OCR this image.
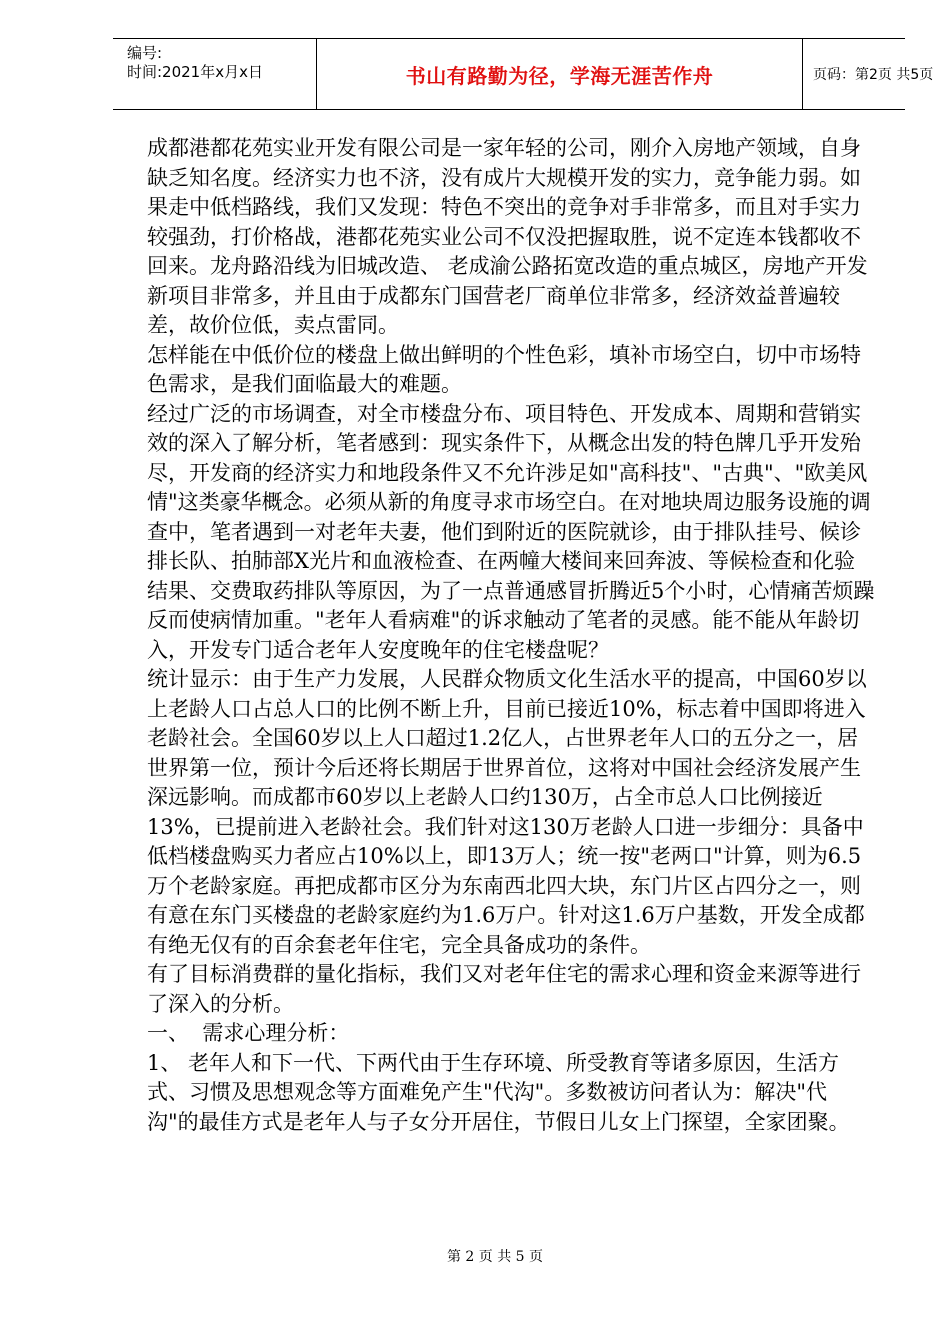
编号:
时间:2021年x月x日	书山有路勤为径，学海无涯苦作舟	页码：第2页 共5页

成都港都花苑实业开发有限公司是一家年轻的公司，刚介入房地产领域，自身缺乏知名度。经济实力也不济，没有成片大规模开发的实力，竞争能力弱。如果走中低档路线，我们又发现：特色不突出的竞争对手非常多，而且对手实力较强劲，打价格战，港都花苑实业公司不仅没把握取胜，说不定连本钱都收不回来。龙舟路沿线为旧城改造、 老成渝公路拓宽改造的重点城区，房地产开发新项目非常多，并且由于成都东门国营老厂商单位非常多，经济效益普遍较差，故价位低，卖点雷同。

怎样能在中低价位的楼盘上做出鲜明的个性色彩，填补市场空白，切中市场特色需求，是我们面临最大的难题。

经过广泛的市场调查，对全市楼盘分布、项目特色、开发成本、周期和营销实效的深入了解分析，笔者感到：现实条件下，从概念出发的特色牌几乎开发殆尽，开发商的经济实力和地段条件又不允许涉足如"高科技"、"古典"、"欧美风情"这类豪华概念。必须从新的角度寻求市场空白。在对地块周边服务设施的调查中，笔者遇到一对老年夫妻，他们到附近的医院就诊，由于排队挂号、候诊排长队、拍肺部X光片和血液检查、在两幢大楼间来回奔波、等候检查和化验结果、交费取药排队等原因，为了一点普通感冒折腾近5个小时，心情痛苦烦躁反而使病情加重。"老年人看病难"的诉求触动了笔者的灵感。能不能从年龄切入，开发专门适合老年人安度晚年的住宅楼盘呢？

统计显示：由于生产力发展，人民群众物质文化生活水平的提高，中国60岁以上老龄人口占总人口的比例不断上升，目前已接近10%，标志着中国即将进入老龄社会。全国60岁以上人口超过1.2亿人，占世界老年人口的五分之一，居世界第一位，预计今后还将长期居于世界首位，这将对中国社会经济发展产生深远影响。而成都市60岁以上老龄人口约130万，占全市总人口比例接近13%，已提前进入老龄社会。我们针对这130万老龄人口进一步细分：具备中低档楼盘购买力者应占10%以上，即13万人；统一按"老两口"计算，则为6.5万个老龄家庭。再把成都市区分为东南西北四大块，东门片区占四分之一，则有意在东门买楼盘的老龄家庭约为1.6万户。针对这1.6万户基数，开发全成都有绝无仅有的百余套老年住宅，完全具备成功的条件。

有了目标消费群的量化指标，我们又对老年住宅的需求心理和资金来源等进行了深入的分析。

一、  需求心理分析：

1、 老年人和下一代、下两代由于生存环境、所受教育等诸多原因，生活方式、习惯及思想观念等方面难免产生"代沟"。多数被访问者认为：解决"代沟"的最佳方式是老年人与子女分开居住，节假日儿女上门探望，全家团聚。

第 2 页 共 5 页
